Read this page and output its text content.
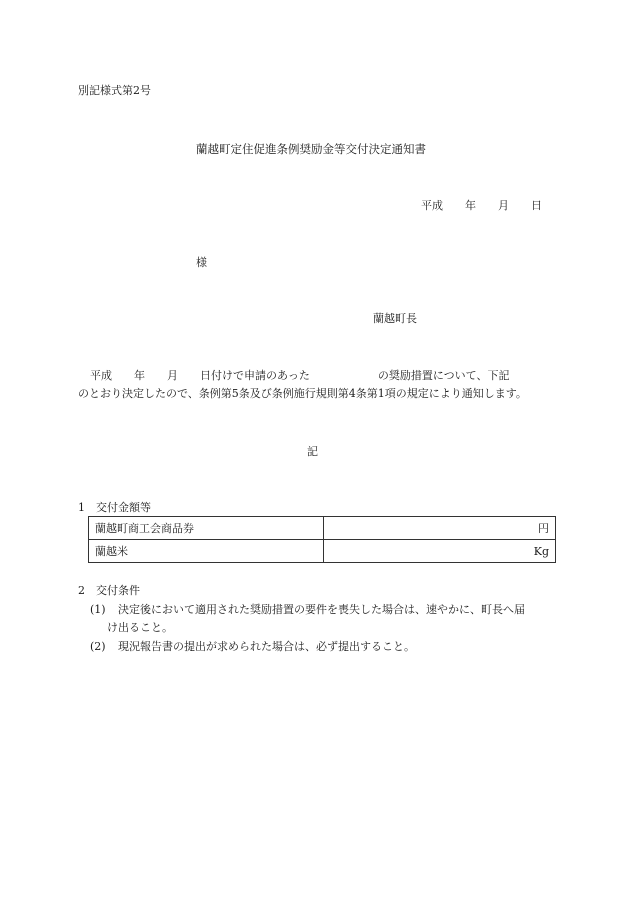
別記様式第2号
蘭越町定住促進条例奨励金等交付決定通知書
平成 年 月 日
様
蘭越町長
平成 年 月 日付けで申請のあった	の奨励措置について、下記
のとおり決定したので、条例第5条及び条例施行規則第4条第1項の規定により通知します。
記
1　交付金額等
蘭越町商工会商品券	円
蘭越米	Kg
2　交付条件
(1) 決定後において適用された奨励措置の要件を喪失した場合は、速やかに、町長へ届
け出ること。
(2) 現況報告書の提出が求められた場合は、必ず提出すること。
